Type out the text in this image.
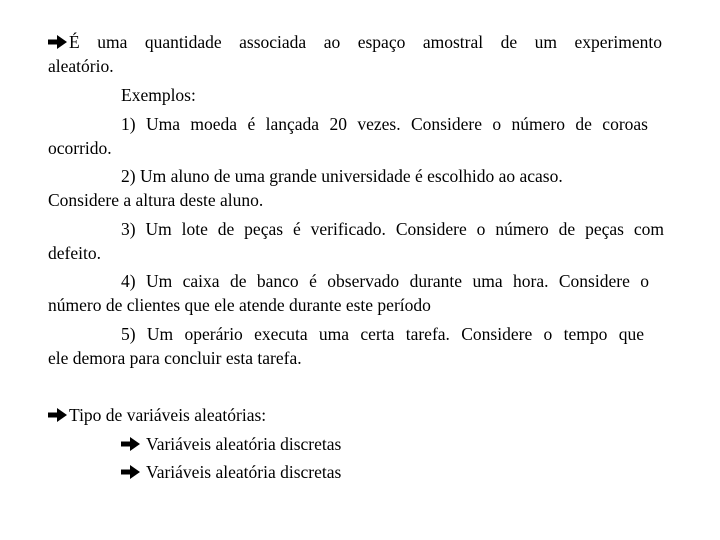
É uma quantidade associada ao espaço amostral de um experimento
aleatório.
Exemplos:
1) Uma moeda é lançada 20 vezes. Considere o número de coroas
ocorrido.
2) Um aluno de uma grande universidade é escolhido ao acaso.
Considere a altura deste aluno.
3) Um lote de peças é verificado. Considere o número de peças com
defeito.
4) Um caixa de banco é observado durante uma hora. Considere o
número de clientes que ele atende durante este período
5) Um operário executa uma certa tarefa. Considere o tempo que
ele demora para concluir esta tarefa.
Tipo de variáveis aleatórias:
Variáveis aleatória discretas
Variáveis aleatória discretas
